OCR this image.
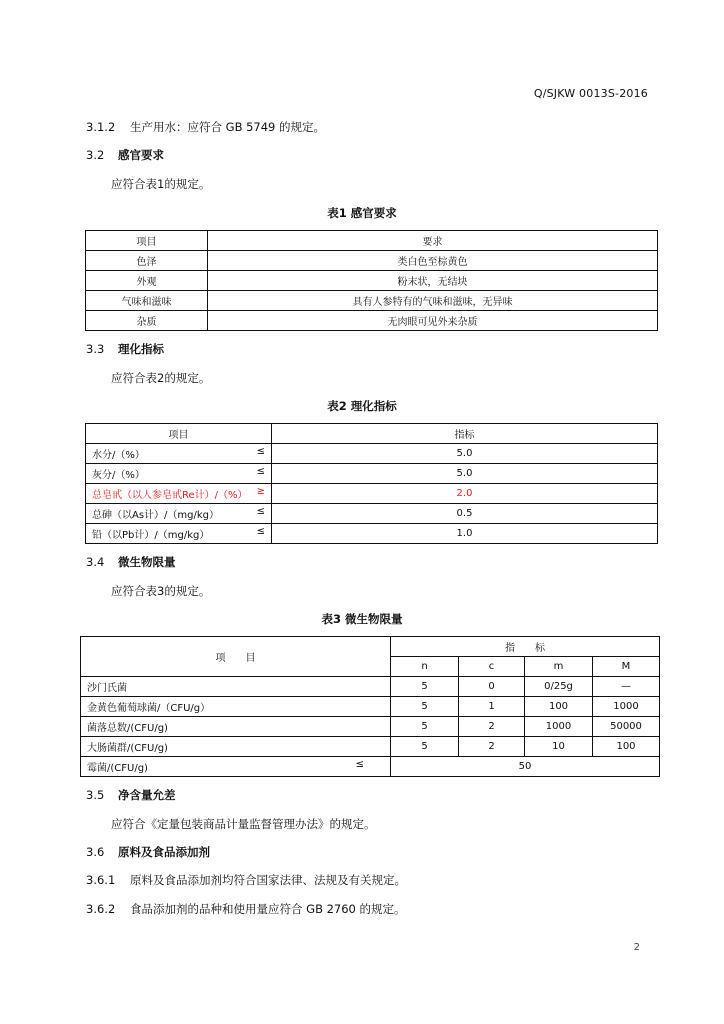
Q/SJKW 0013S-2016
3.1.2 生产用水：应符合 GB 5749 的规定。
3.2 感官要求
应符合表1的规定。
表1 感官要求
项目	要求
色泽	类白色至棕黄色
外观	粉末状，无结块
气味和滋味	具有人参特有的气味和滋味，无异味
杂质	无肉眼可见外来杂质
3.3 理化指标
应符合表2的规定。
表2 理化指标
项目	指标
水分/（%） ≤	5.0
灰分/（%） ≤	5.0
总皂甙（以人参皂甙Re计）/（%） ≥	2.0
总砷（以As计）/（mg/kg） ≤	0.5
铅（以Pb计）/（mg/kg） ≤	1.0
3.4 微生物限量
应符合表3的规定。
表3 微生物限量
项　　目	指　　标			
	n	c	m	M
沙门氏菌	5	0	0/25g	—
金黄色葡萄球菌/（CFU/g）	5	1	100	1000
菌落总数/(CFU/g)	5	2	1000	50000
大肠菌群/(CFU/g)	5	2	10	100
霉菌/(CFU/g) ≤	50			
3.5 净含量允差
应符合《定量包装商品计量监督管理办法》的规定。
3.6 原料及食品添加剂
3.6.1 原料及食品添加剂均符合国家法律、法规及有关规定。
3.6.2 食品添加剂的品种和使用量应符合 GB 2760 的规定。
2
